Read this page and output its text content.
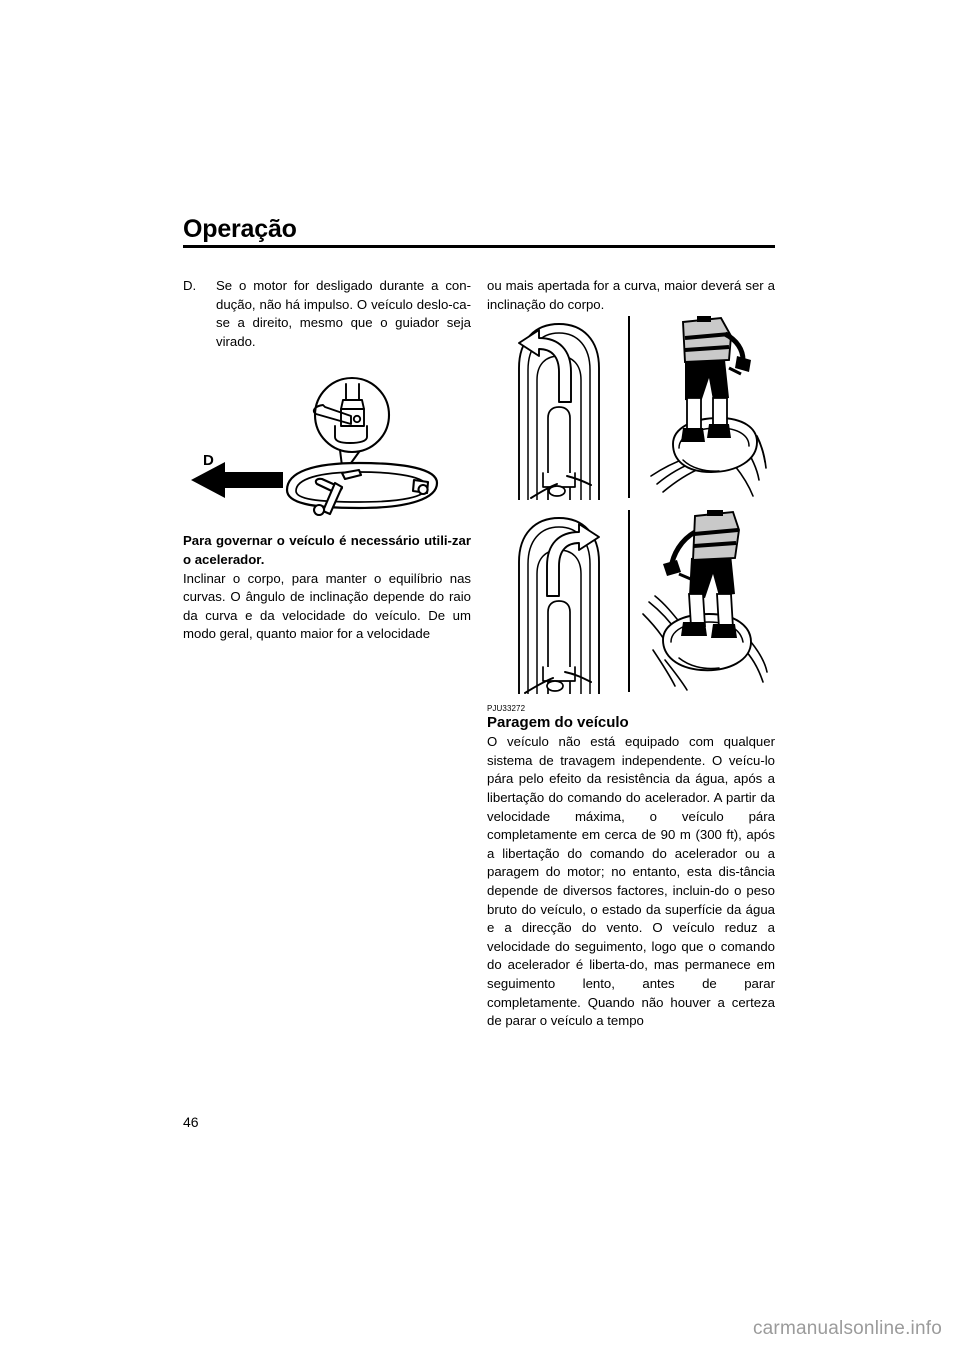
Operação
D. Se o motor for desligado durante a con-dução, não há impulso. O veículo deslo-ca-se a direito, mesmo que o guiador seja virado.

Para governar o veículo é necessário utili-zar o acelerador.

Inclinar o corpo, para manter o equilíbrio nas curvas. O ângulo de inclinação depende do raio da curva e da velocidade do veículo. De um modo geral, quanto maior for a velocidade

D

ou mais apertada for a curva, maior deverá ser a inclinação do corpo.

PJU33272

Paragem do veículo

O veículo não está equipado com qualquer sistema de travagem independente. O veícu-lo pára pelo efeito da resistência da água, após a libertação do comando do acelerador. A partir da velocidade máxima, o veículo pára completamente em cerca de 90 m (300 ft), após a libertação do comando do acelerador ou a paragem do motor; no entanto, esta dis-tância depende de diversos factores, incluin-do o peso bruto do veículo, o estado da superfície da água e a direcção do vento. O veículo reduz a velocidade do seguimento, logo que o comando do acelerador é liberta-do, mas permanece em seguimento lento, antes de parar completamente. Quando não houver a certeza de parar o veículo a tempo

46
carmanualsonline.info
